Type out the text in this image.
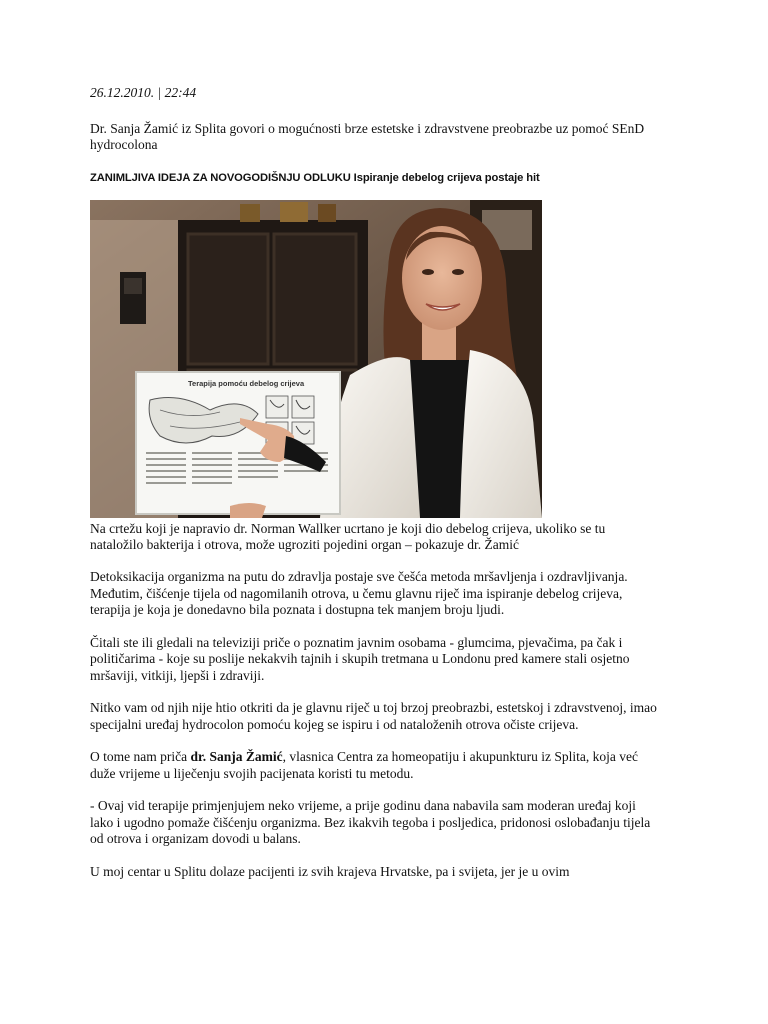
26.12.2010. | 22:44

Dr. Sanja Žamić iz Splita govori o mogućnosti brze estetske i zdravstvene preobrazbe uz pomoć SEnD hydrocolona

ZANIMLJIVA IDEJA ZA NOVOGODIŠNJU ODLUKU Ispiranje debelog crijeva postaje hit

Terapija pomoću debelog crijeva

Na crtežu koji je napravio dr. Norman Wallker ucrtano je koji dio debelog crijeva, ukoliko se tu nataložilo bakterija i otrova, može ugroziti pojedini organ – pokazuje dr. Žamić

Detoksikacija organizma na putu do zdravlja postaje sve češća metoda mršavljenja i ozdravljivanja. Međutim, čišćenje tijela od nagomilanih otrova, u čemu glavnu riječ ima ispiranje debelog crijeva, terapija je koja je donedavno bila poznata i dostupna tek manjem broju ljudi.

Čitali ste ili gledali na televiziji priče o poznatim javnim osobama - glumcima, pjevačima, pa čak i političarima - koje su poslije nekakvih tajnih i skupih tretmana u Londonu pred kamere stali osjetno mršaviji, vitkiji, ljepši i zdraviji.

Nitko vam od njih nije htio otkriti da je glavnu riječ u toj brzoj preobrazbi, estetskoj i zdravstvenoj, imao specijalni uređaj hydrocolon pomoću kojeg se ispiru i od nataloženih otrova očiste crijeva.

O tome nam priča dr. Sanja Žamić, vlasnica Centra za homeopatiju i akupunkturu iz Splita, koja već duže vrijeme u liječenju svojih pacijenata koristi tu metodu.

- Ovaj vid terapije primjenjujem neko vrijeme, a prije godinu dana nabavila sam moderan uređaj koji lako i ugodno pomaže čišćenju organizma. Bez ikakvih tegoba i posljedica, pridonosi oslobađanju tijela od otrova i organizam dovodi u balans.

U moj centar u Splitu dolaze pacijenti iz svih krajeva Hrvatske, pa i svijeta, jer je u ovim
